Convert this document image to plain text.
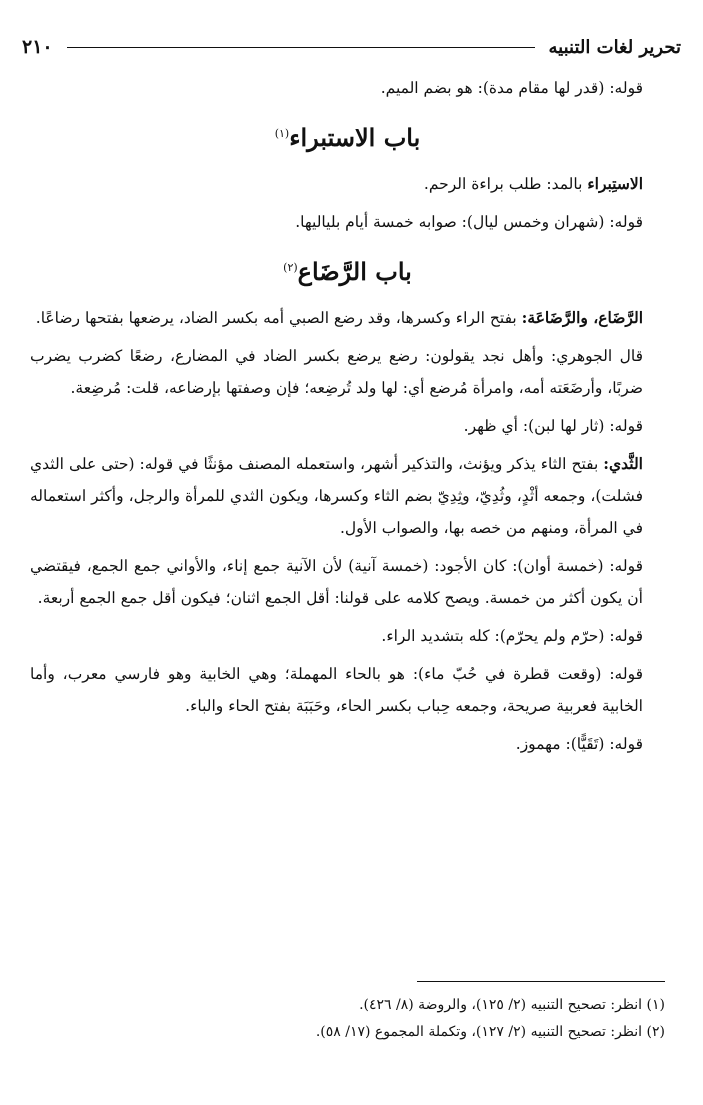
٢١٠	تحرير لغات التنبيه

قوله: (قدر لها مقام مدة): هو بضم الميم.

باب الاستبراء$^{(١)}$

الاستِبراء بالمد: طلب براءة الرحم.

قوله: (شهران وخمس ليال): صوابه خمسة أيام بلياليها.

باب الرَّضَاع$^{(٢)}$

الرَّضَاع، والرَّضَاعَة: بفتح الراء وكسرها، وقد رضع الصبي أمه بكسر الضاد، يرضعها بفتحها رضاعًا.

قال الجوهري: وأهل نجد يقولون: رضع يرضع بكسر الضاد في المضارع، رضعًا كضرب يضرب ضربًا، وأرضَعَته أمه، وامرأة مُرضع أي: لها ولد تُرضِعه؛ فإن وصفتها بإرضاعه، قلت: مُرضِعة.

قوله: (ثار لها لبن): أي ظهر.

الثَّدي: بفتح الثاء يذكر ويؤنث، والتذكير أشهر، واستعمله المصنف مؤنثًا في قوله: (حتى على الثدي فشلت)، وجمعه أثْدٍ، وثُدِيّ، وثِدِيّ بضم الثاء وكسرها، ويكون الثدي للمرأة والرجل، وأكثر استعماله في المرأة، ومنهم من خصه بها، والصواب الأول.

قوله: (خمسة أوان): كان الأجود: (خمسة آنية) لأن الآنية جمع إناء، والأواني جمع الجمع، فيقتضي أن يكون أكثر من خمسة. ويصح كلامه على قولنا: أقل الجمع اثنان؛ فيكون أقل جمع الجمع أربعة.

قوله: (حرّم ولم يحرّم): كله بتشديد الراء.

قوله: (وقعت قطرة في حُبّ ماء): هو بالحاء المهملة؛ وهي الخابية وهو فارسي معرب، وأما الخابية فعربية صريحة، وجمعه حِباب بكسر الحاء، وحَبَبَة بفتح الحاء والباء.

قوله: (تَقَيًّا): مهموز.

(١) انظر: تصحيح التنبيه (٢/ ١٢٥)، والروضة (٨/ ٤٢٦).
(٢) انظر: تصحيح التنبيه (٢/ ١٢٧)، وتكملة المجموع (١٧/ ٥٨).
